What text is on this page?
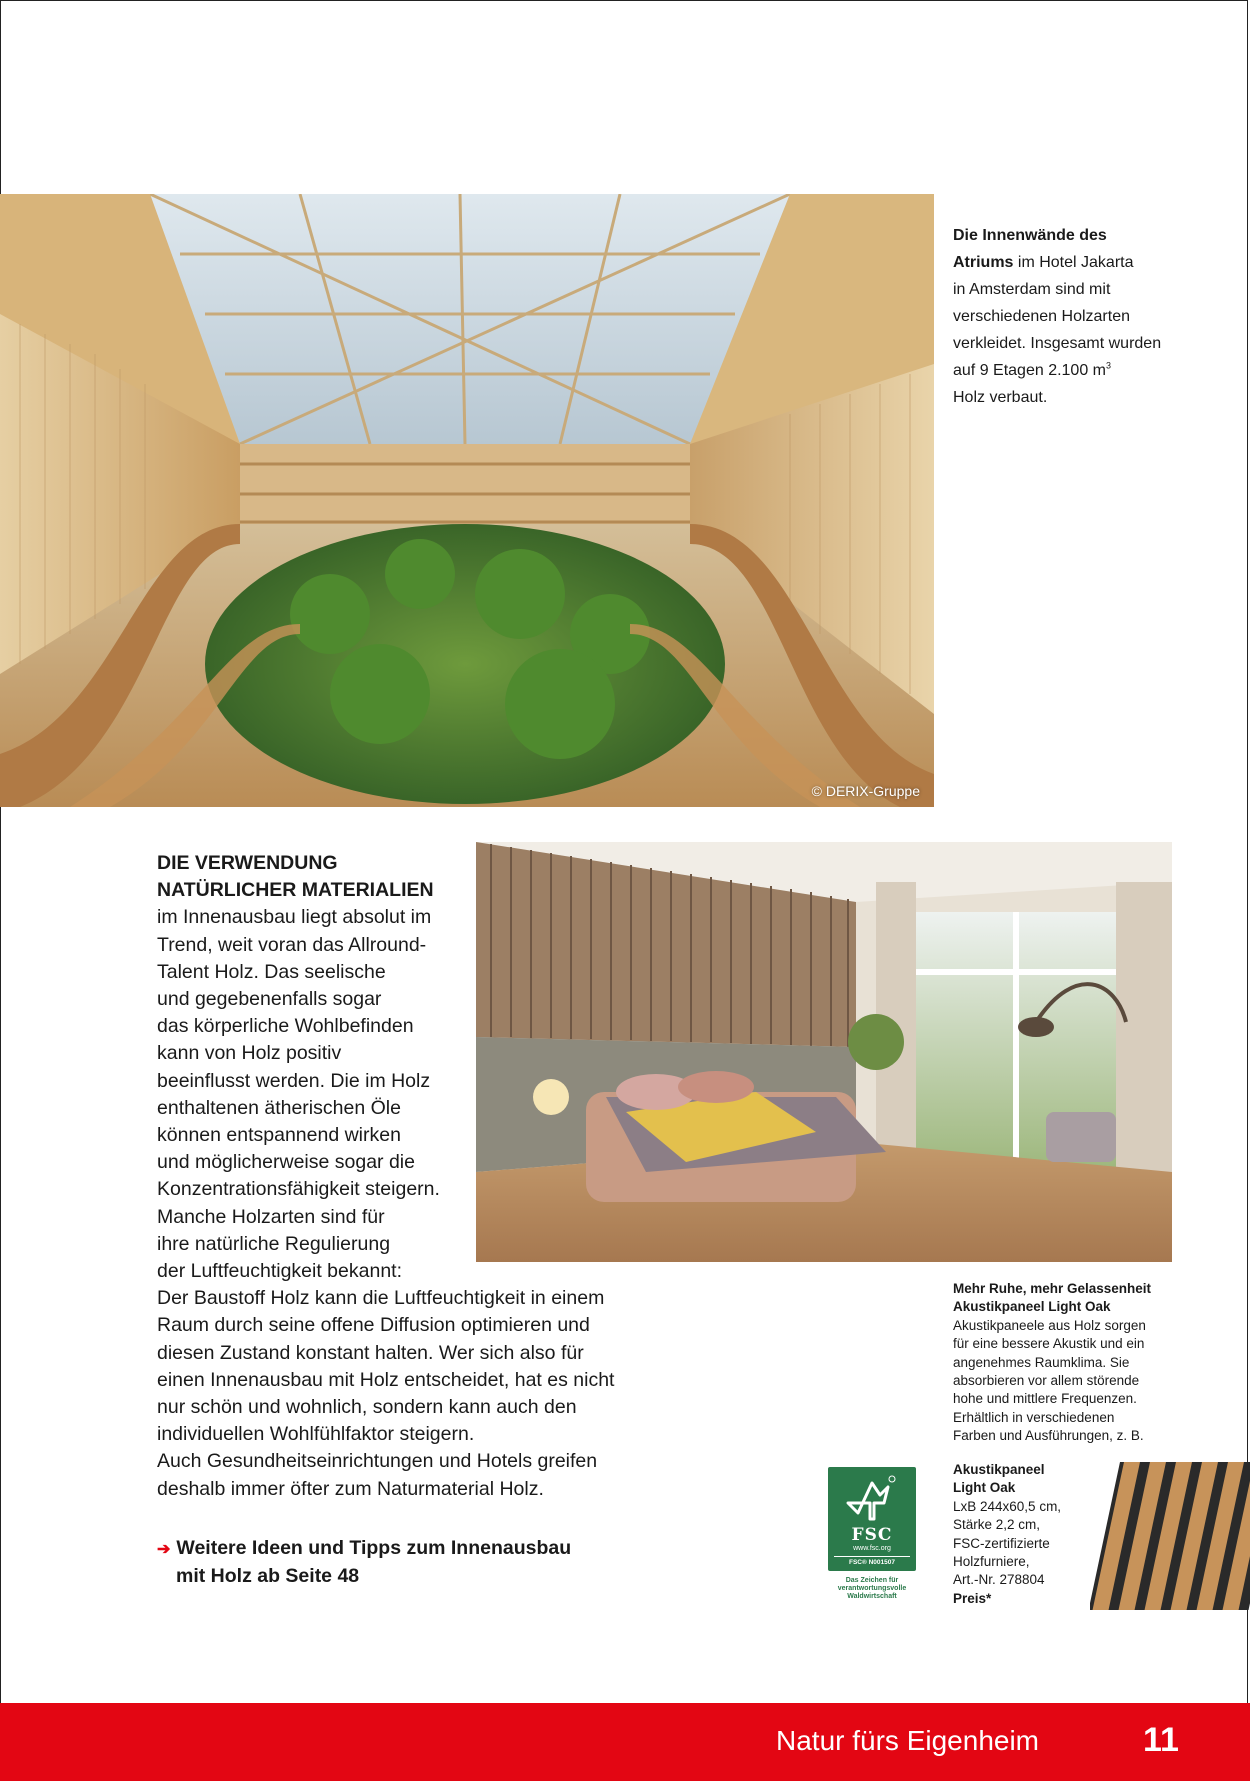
© DERIX-Gruppe
Die Innenwände des
Atriums im Hotel Jakarta
in Amsterdam sind mit
verschiedenen Holzarten
verkleidet. Insgesamt wurden
auf 9 Etagen 2.100 $m^3$
Holz verbaut.
DIE VERWENDUNG
NATÜRLICHER MATERIALIEN
im Innenausbau liegt absolut im
Trend, weit voran das Allround-
Talent Holz. Das seelische
und gegebenenfalls sogar
das körperliche Wohlbefinden
kann von Holz positiv
beeinflusst werden. Die im Holz
enthaltenen ätherischen Öle
können entspannend wirken
und möglicherweise sogar die
Konzentrationsfähigkeit steigern.
Manche Holzarten sind für
ihre natürliche Regulierung
der Luftfeuchtigkeit bekannt:
Der Baustoff Holz kann die Luftfeuchtigkeit in einem
Raum durch seine offene Diffusion optimieren und
diesen Zustand konstant halten. Wer sich also für
einen Innenausbau mit Holz entscheidet, hat es nicht
nur schön und wohnlich, sondern kann auch den
individuellen Wohlfühlfaktor steigern.
Auch Gesundheitseinrichtungen und Hotels greifen
deshalb immer öfter zum Naturmaterial Holz.
➔ Weitere Ideen und Tipps zum Innenausbau
mit Holz ab Seite 48
Mehr Ruhe, mehr Gelassenheit
Akustikpaneel Light Oak
Akustikpaneele aus Holz sorgen
für eine bessere Akustik und ein
angenehmes Raumklima. Sie
absorbieren vor allem störende
hohe und mittlere Frequenzen.
Erhältlich in verschiedenen
Farben und Ausführungen, z. B.
Akustikpaneel
Light Oak
LxB 244x60,5 cm,
Stärke 2,2 cm,
FSC-zertifizierte
Holzfurniere,
Art.-Nr. 278804
Preis*
FSC
www.fsc.org
FSC® N001507
Das Zeichen für
verantwortungsvolle
Waldwirtschaft
Natur fürs Eigenheim	11
